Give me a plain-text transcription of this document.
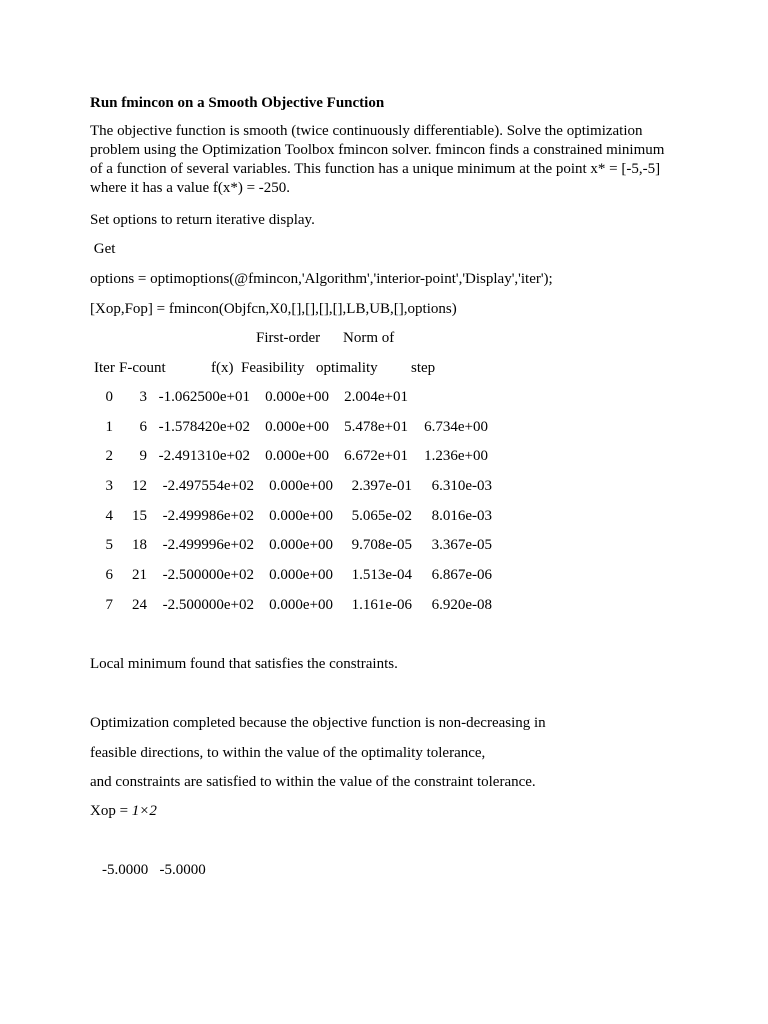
Run fmincon on a Smooth Objective Function
The objective function is smooth (twice continuously differentiable). Solve the optimization problem using the Optimization Toolbox fmincon solver. fmincon finds a constrained minimum of a function of several variables. This function has a unique minimum at the point x* = [-5,-5] where it has a value f(x*) = -250.
Set options to return iterative display.
Get
options = optimoptions(@fmincon,'Algorithm','interior-point','Display','iter');
[Xop,Fop] = fmincon(Objfcn,X0,[],[],[],[],LB,UB,[],options)
First-order Norm of
Iter F-count	f(x) Feasibility optimality step
0 3 -1.062500e+01 0.000e+00 2.004e+01
1 6 -1.578420e+02 0.000e+00 5.478e+01 6.734e+00
2 9 -2.491310e+02 0.000e+00 6.672e+01 1.236e+00
3 12 -2.497554e+02 0.000e+00 2.397e-01 6.310e-03
4 15 -2.499986e+02 0.000e+00 5.065e-02 8.016e-03
5 18 -2.499996e+02 0.000e+00 9.708e-05 3.367e-05
6 21 -2.500000e+02 0.000e+00 1.513e-04 6.867e-06
7 24 -2.500000e+02 0.000e+00 1.161e-06 6.920e-08
Local minimum found that satisfies the constraints.
Optimization completed because the objective function is non-decreasing in
feasible directions, to within the value of the optimality tolerance,
and constraints are satisfied to within the value of the constraint tolerance.
Xop = 1×2
-5.0000   -5.0000
